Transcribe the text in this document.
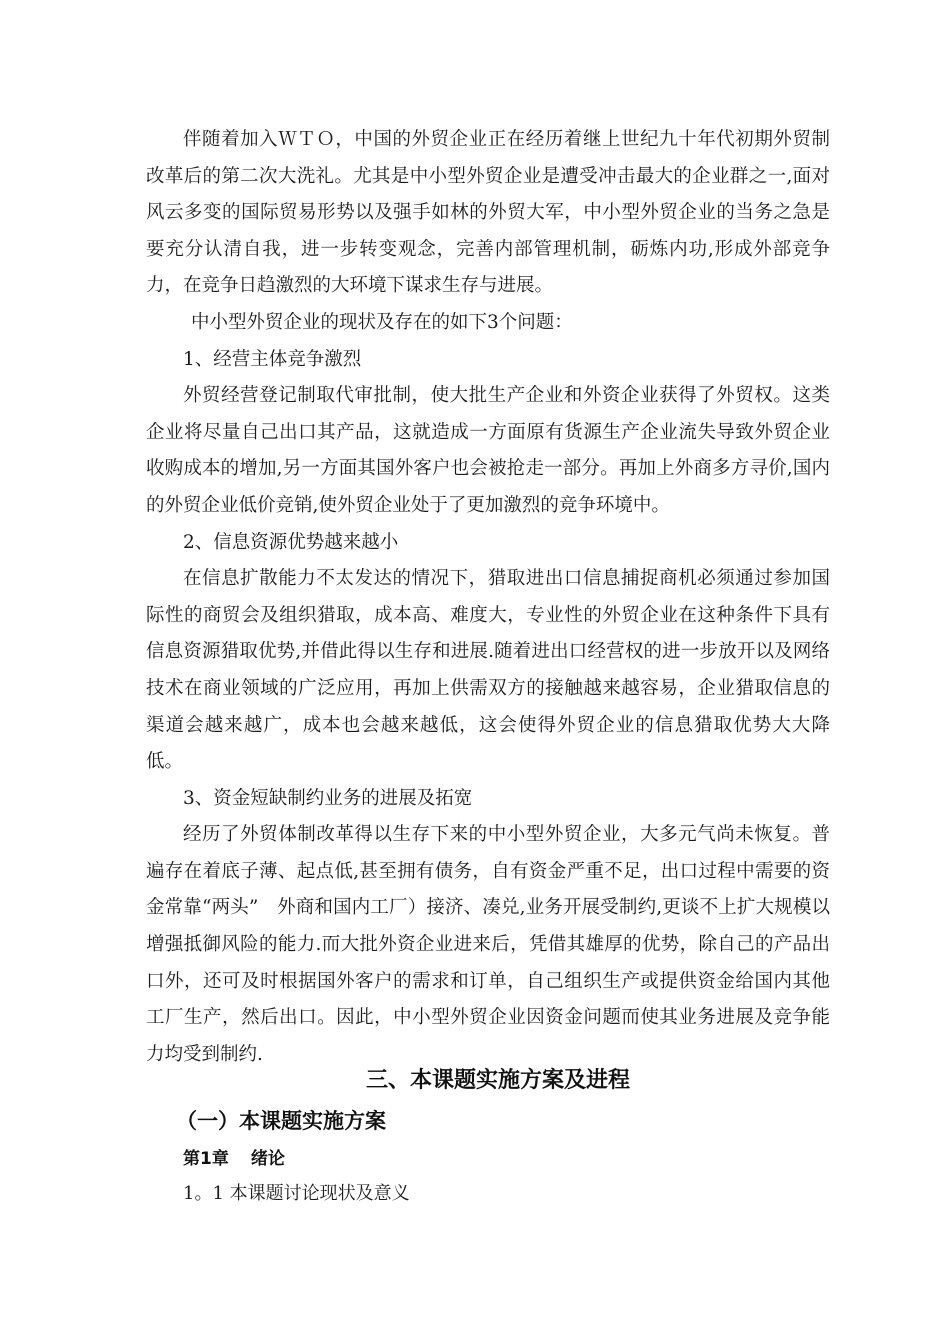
伴随着加入ＷＴＯ，中国的外贸企业正在经历着继上世纪九十年代初期外贸制改革后的第二次大洗礼。尤其是中小型外贸企业是遭受冲击最大的企业群之一,面对风云多变的国际贸易形势以及强手如林的外贸大军，中小型外贸企业的当务之急是要充分认清自我，进一步转变观念，完善内部管理机制，砺炼内功,形成外部竞争力，在竞争日趋激烈的大环境下谋求生存与进展。

中小型外贸企业的现状及存在的如下3个问题：

1、经营主体竞争激烈

外贸经营登记制取代审批制，使大批生产企业和外资企业获得了外贸权。这类企业将尽量自己出口其产品，这就造成一方面原有货源生产企业流失导致外贸企业收购成本的增加,另一方面其国外客户也会被抢走一部分。再加上外商多方寻价,国内的外贸企业低价竞销,使外贸企业处于了更加激烈的竞争环境中。

2、信息资源优势越来越小

在信息扩散能力不太发达的情况下，猎取进出口信息捕捉商机必须通过参加国际性的商贸会及组织猎取，成本高、难度大，专业性的外贸企业在这种条件下具有信息资源猎取优势,并借此得以生存和进展.随着进出口经营权的进一步放开以及网络技术在商业领域的广泛应用，再加上供需双方的接触越来越容易，企业猎取信息的渠道会越来越广，成本也会越来越低，这会使得外贸企业的信息猎取优势大大降低。

3、资金短缺制约业务的进展及拓宽

经历了外贸体制改革得以生存下来的中小型外贸企业，大多元气尚未恢复。普遍存在着底子薄、起点低,甚至拥有债务，自有资金严重不足，出口过程中需要的资金常靠“两头”　外商和国内工厂）接济、凑兑,业务开展受制约,更谈不上扩大规模以增强抵御风险的能力.而大批外资企业进来后，凭借其雄厚的优势，除自己的产品出口外，还可及时根据国外客户的需求和订单，自己组织生产或提供资金给国内其他工厂生产，然后出口。因此，中小型外贸企业因资金问题而使其业务进展及竞争能力均受到制约.

三、本课题实施方案及进程
（一）本课题实施方案
第1章 绪论
1。1 本课题讨论现状及意义
